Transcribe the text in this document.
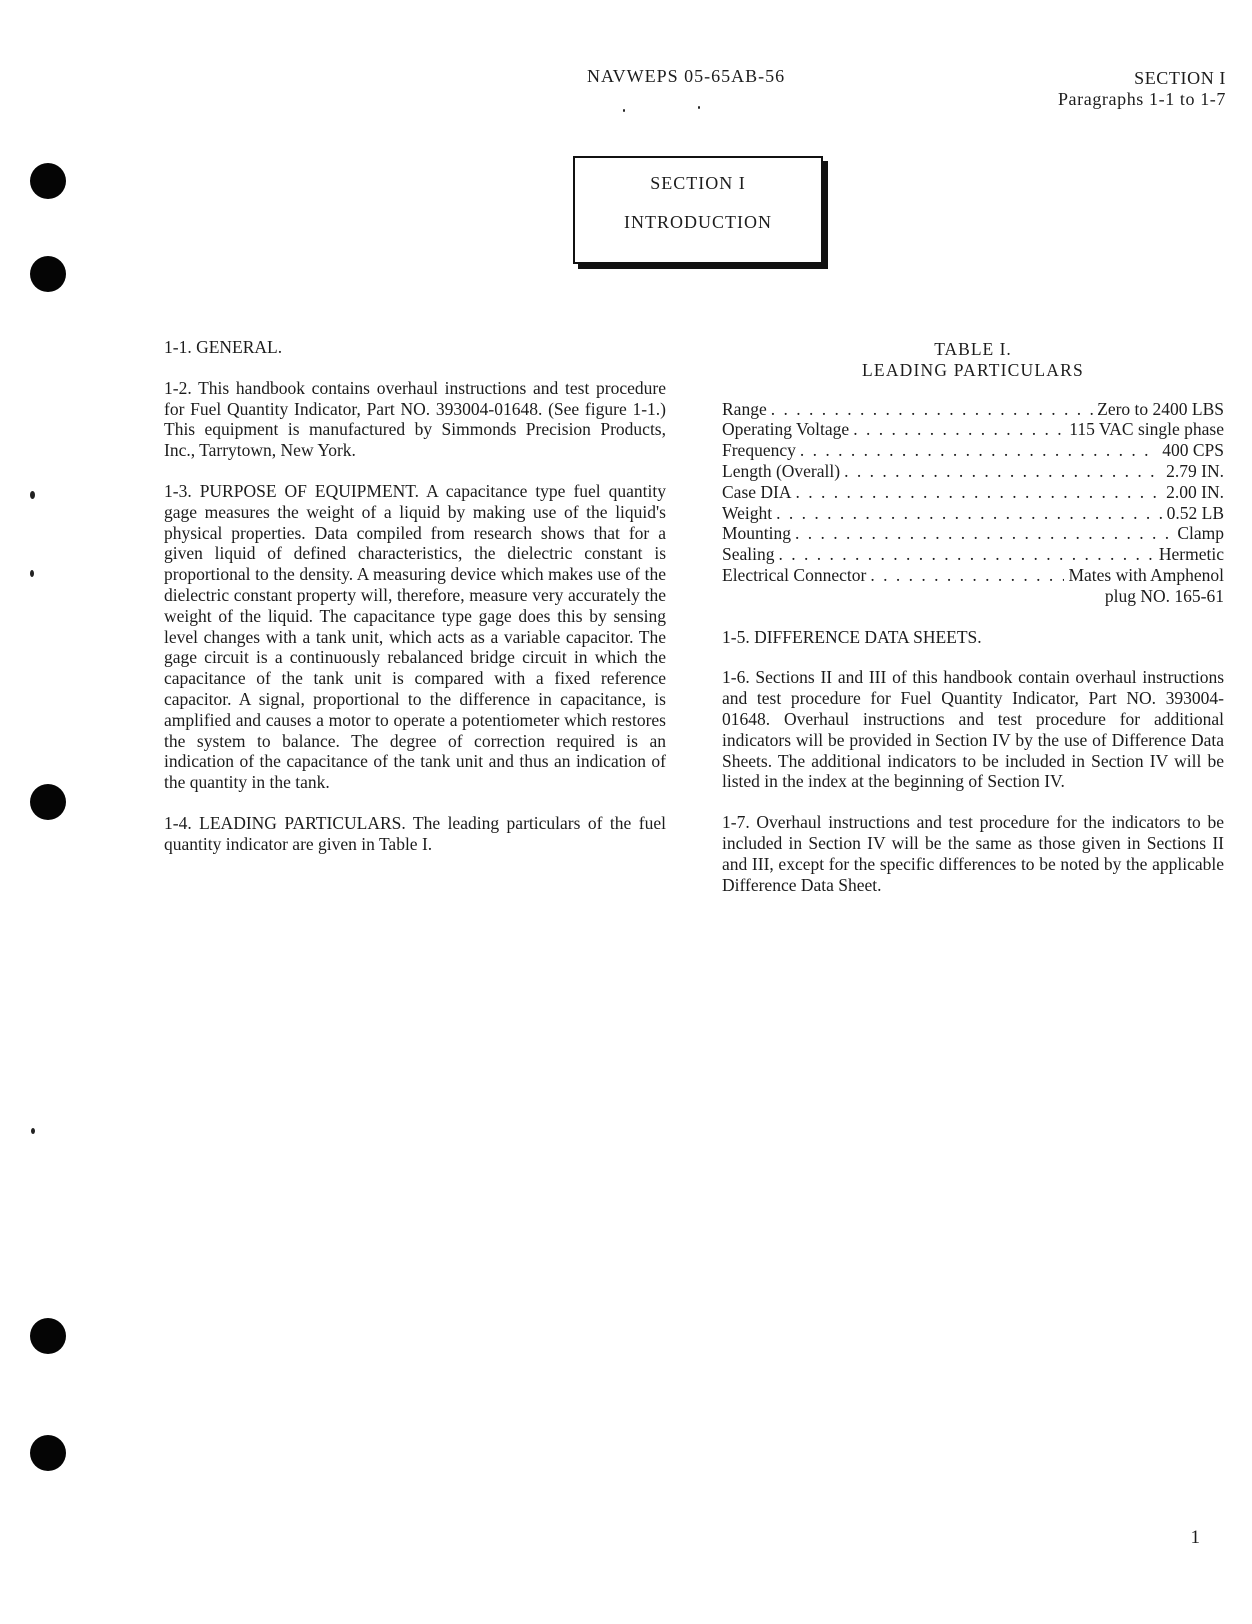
NAVWEPS 05-65AB-56	SECTION I
Paragraphs 1-1 to 1-7
SECTION I
INTRODUCTION

1-1. GENERAL.

1-2. This handbook contains overhaul instructions and test procedure for Fuel Quantity Indicator, Part NO. 393004-01648. (See figure 1-1.) This equipment is manufactured by Simmonds Precision Products, Inc., Tarrytown, New York.

1-3. PURPOSE OF EQUIPMENT. A capacitance type fuel quantity gage measures the weight of a liquid by making use of the liquid's physical properties. Data compiled from research shows that for a given liquid of defined characteristics, the dielectric constant is proportional to the density. A measuring device which makes use of the dielectric constant property will, therefore, measure very accurately the weight of the liquid. The capacitance type gage does this by sensing level changes with a tank unit, which acts as a variable capacitor. The gage circuit is a continuously rebalanced bridge circuit in which the capacitance of the tank unit is compared with a fixed reference capacitor. A signal, proportional to the difference in capacitance, is amplified and causes a motor to operate a potentiometer which restores the system to balance. The degree of correction required is an indication of the capacitance of the tank unit and thus an indication of the quantity in the tank.

1-4. LEADING PARTICULARS. The leading particulars of the fuel quantity indicator are given in Table I.

TABLE I.
LEADING PARTICULARS
Range . . .	Zero to 2400 LBS
Operating Voltage . . .	115 VAC single phase
Frequency . . .	400 CPS
Length (Overall) . . .	2.79 IN.
Case DIA . . .	2.00 IN.
Weight . . .	0.52 LB
Mounting . . .	Clamp
Sealing . . .	Hermetic
Electrical Connector . . .	Mates with Amphenol
plug NO. 165-61

1-5. DIFFERENCE DATA SHEETS.

1-6. Sections II and III of this handbook contain overhaul instructions and test procedure for Fuel Quantity Indicator, Part NO. 393004-01648. Overhaul instructions and test procedure for additional indicators will be provided in Section IV by the use of Difference Data Sheets. The additional indicators to be included in Section IV will be listed in the index at the beginning of Section IV.

1-7. Overhaul instructions and test procedure for the indicators to be included in Section IV will be the same as those given in Sections II and III, except for the specific differences to be noted by the applicable Difference Data Sheet.

1
